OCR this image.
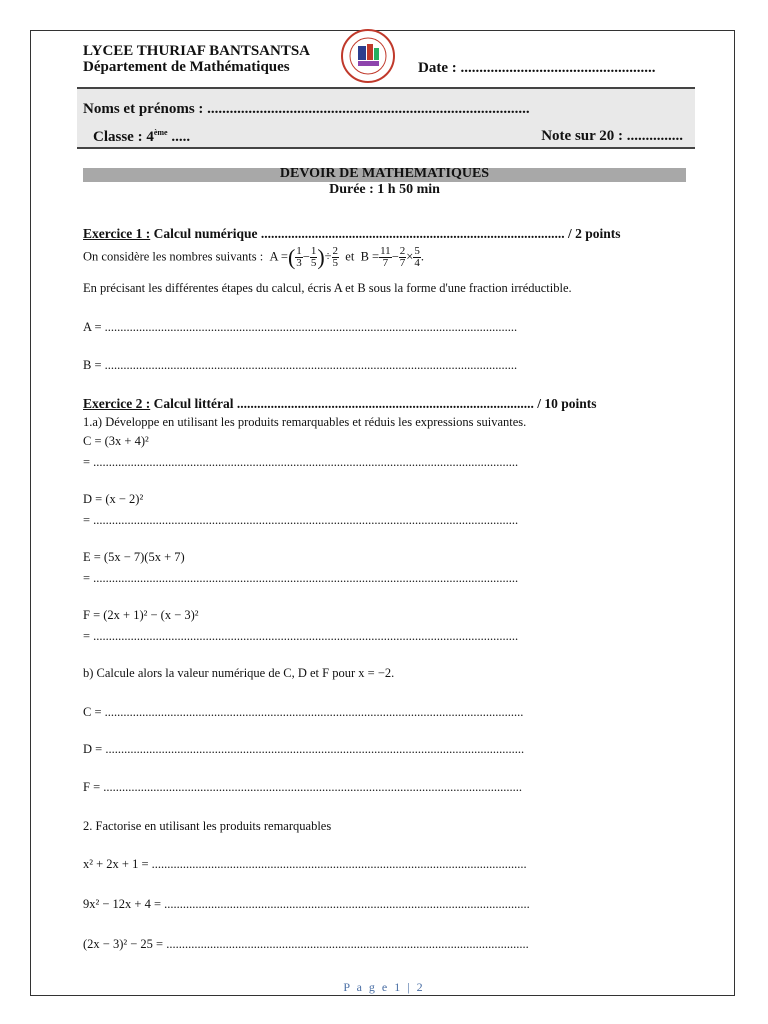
LYCEE THURIAF BANTSANTSA
Département de Mathématiques	Date : ....................................................
Noms et prénoms : ......................................................................................
Classe : 4ème .....	Note sur 20 : ...............
DEVOIR DE MATHEMATIQUES
Durée : 1 h 50 min
Exercice 1 : Calcul numérique .......................................................................................... / 2 points
On considère les nombres suivants :  A =( $\frac{1}{3} - \frac{1}{5}$ )÷ $\frac{2}{5}$ et  $B = \frac{11}{7} - \frac{2}{7} \times \frac{5}{4}$ .
En précisant les différentes étapes du calcul, écris A et B sous la forme d'une fraction irréductible.
A = ....................................................................................................................................
B = ....................................................................................................................................
Exercice 2 : Calcul littéral ........................................................................................ / 10 points
1.a) Développe en utilisant les produits remarquables et réduis les expressions suivantes.
C = (3x + 4)²
= ........................................................................................................................................
D = (x − 2)²
= ........................................................................................................................................
E = (5x − 7)(5x + 7)
= ........................................................................................................................................
F = (2x + 1)² − (x − 3)²
= ........................................................................................................................................
b) Calcule alors la valeur numérique de C, D et F pour x = −2.
C = ......................................................................................................................................
D = ......................................................................................................................................
F = ......................................................................................................................................
2. Factorise en utilisant les produits remarquables
x² + 2x + 1 = ........................................................................................................................
9x² − 12x + 4 = .....................................................................................................................
(2x − 3)² − 25 = ....................................................................................................................
P a g e 1 | 2
